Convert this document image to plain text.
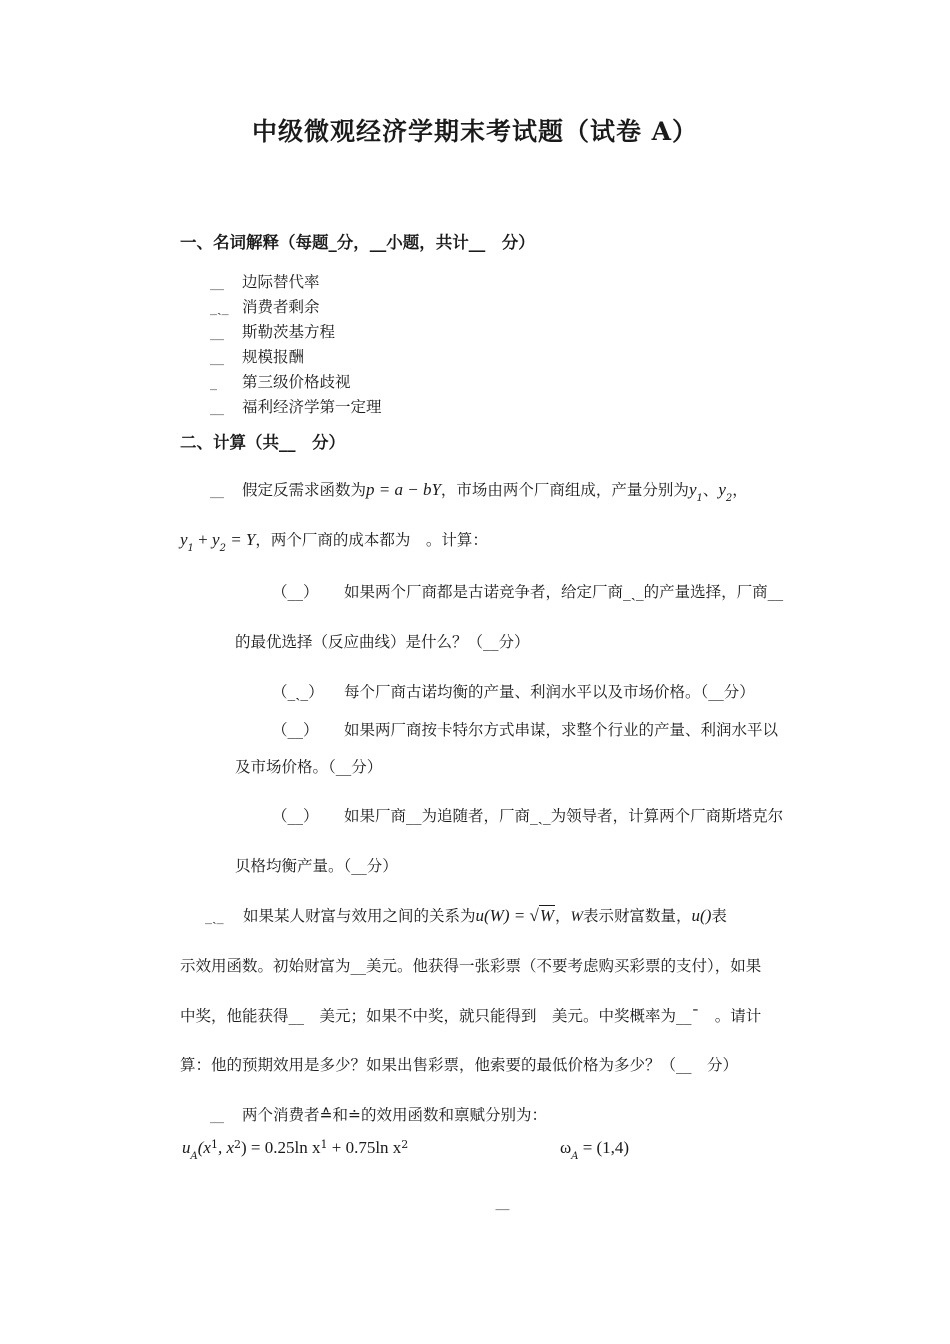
中级微观经济学期末考试题（试卷 A）
一、名词解释（每题_分，__小题，共计__　分）
__ 边际替代率
_ˏ_ 消费者剩余
__ 斯勒茨基方程
__ 规模报酬
_ 第三级价格歧视
__ 福利经济学第一定理
二、计算（共__　分）
__ 假定反需求函数为p = a − bY，市场由两个厂商组成，产量分别为$y_1$、$y_2$，
$y_1 + y_2 = Y$，两个厂商的成本都为　。计算：
（__） 如果两个厂商都是古诺竞争者，给定厂商_ˏ_的产量选择，厂商__
的最优选择（反应曲线）是什么？（__分）
（_ˏ_） 每个厂商古诺均衡的产量、利润水平以及市场价格。（__分）
（__） 如果两厂商按卡特尔方式串谋，求整个行业的产量、利润水平以
及市场价格。（__分）
（__） 如果厂商__为追随者，厂商_ˏ_为领导者，计算两个厂商斯塔克尔
贝格均衡产量。（__分）
_ˏ_ 如果某人财富与效用之间的关系为u(W) = √W，W表示财富数量，u()表
示效用函数。初始财富为__美元。他获得一张彩票（不要考虑购买彩票的支付），如果
中奖，他能获得__　美元；如果不中奖，就只能得到　美元。中奖概率为__ˉ　。请计
算：他的预期效用是多少？如果出售彩票，他索要的最低价格为多少？（__　分）
__ 两个消费者≙和≐的效用函数和禀赋分别为：
$u_A(x^1$, $x^2) = 0.25\ln$ $x^1 + 0.75\ln$ $x^2$	$\omega_A = (1,4)$
__
